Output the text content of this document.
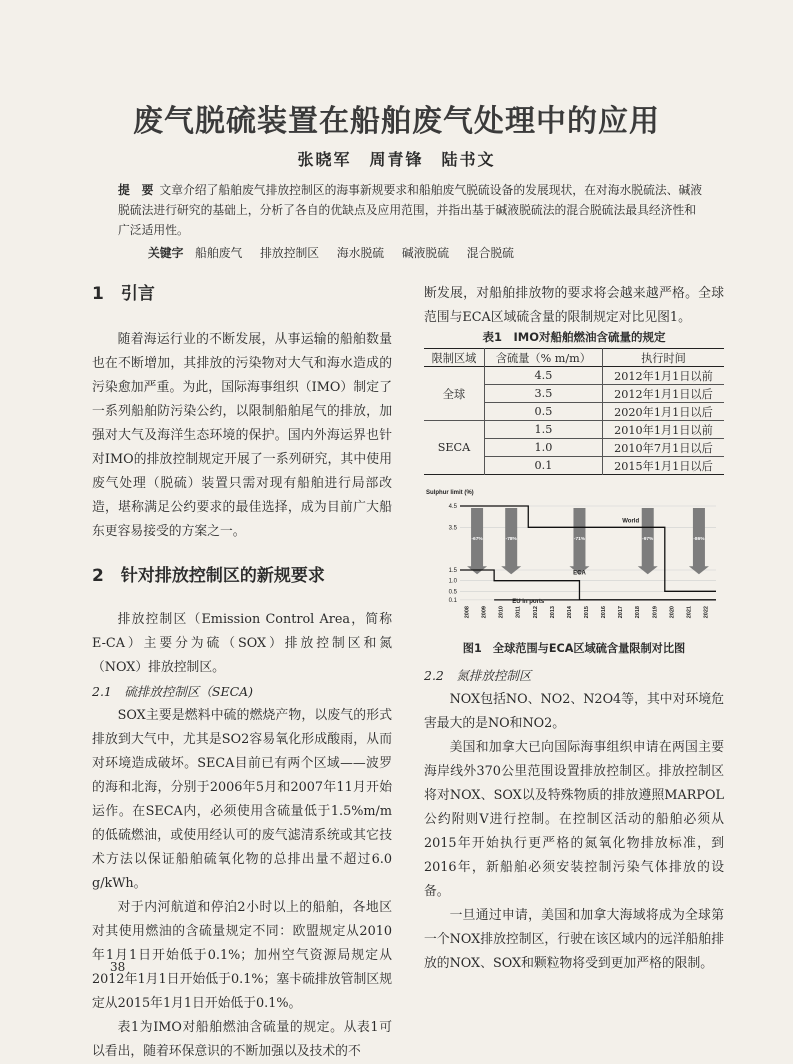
废气脱硫装置在船舶废气处理中的应用
张晓军　周青锋　陆书文
提　要 文章介绍了船舶废气排放控制区的海事新规要求和船舶废气脱硫设备的发展现状，在对海水脱硫法、碱液脱硫法进行研究的基础上，分析了各自的优缺点及应用范围，并指出基于碱液脱硫法的混合脱硫法最具经济性和广泛适用性。
关键字 船舶废气 排放控制区 海水脱硫 碱液脱硫 混合脱硫
1　引言

随着海运行业的不断发展，从事运输的船舶数量也在不断增加，其排放的污染物对大气和海水造成的污染愈加严重。为此，国际海事组织（IMO）制定了一系列船舶防污染公约，以限制船舶尾气的排放，加强对大气及海洋生态环境的保护。国内外海运界也针对IMO的排放控制规定开展了一系列研究，其中使用废气处理（脱硫）装置只需对现有船舶进行局部改造，堪称满足公约要求的最佳选择，成为目前广大船东更容易接受的方案之一。

2　针对排放控制区的新规要求

排放控制区（Emission Control Area，简称E-CA）主要分为硫（SOX）排放控制区和氮（NOX）排放控制区。

2.1　硫排放控制区（SECA)

SOX主要是燃料中硫的燃烧产物，以废气的形式排放到大气中，尤其是SO2容易氧化形成酸雨，从而对环境造成破坏。SECA目前已有两个区域——波罗的海和北海，分别于2006年5月和2007年11月开始运作。在SECA内，必须使用含硫量低于1.5%m/m的低硫燃油，或使用经认可的废气滤清系统或其它技术方法以保证船舶硫氧化物的总排出量不超过6.0 g/kWh。

对于内河航道和停泊2小时以上的船舶，各地区对其使用燃油的含硫量规定不同：欧盟规定从2010年1月1日开始低于0.1%；加州空气资源局规定从2012年1月1日开始低于0.1%；塞卡硫排放管制区规定从2015年1月1日开始低于0.1%。

表1为IMO对船舶燃油含硫量的规定。从表1可以看出，随着环保意识的不断加强以及技术的不

断发展，对船舶排放物的要求将会越来越严格。全球范围与ECA区域硫含量的限制规定对比见图1。

表1　IMO对船舶燃油含硫量的规定
限制区域	含硫量（% m/m）	执行时间
全球	4.5	2012年1月1日以前
	3.5	2012年1月1日以后
	0.5	2020年1月1日以后
SECA	1.5	2010年1月1日以前
	1.0	2010年7月1日以后
	0.1	2015年1月1日以后
Sulphur limit (%)
0.1
0.5
1.0
1.5
3.5
4.5
2008 2009 2010 2011 2012 2013 2014 2015 2016 2017 2018 2019 2020 2021 2022
-67%	-78%	-71%	-97%	-86%
World
ECA
EU in ports
图1　全球范围与ECA区域硫含量限制对比图
2.2　氮排放控制区

NOX包括NO、NO2、N2O4等，其中对环境危害最大的是NO和NO2。

美国和加拿大已向国际海事组织申请在两国主要海岸线外370公里范围设置排放控制区。排放控制区将对NOX、SOX以及特殊物质的排放遵照MARPOL公约附则V进行控制。在控制区活动的船舶必须从2015年开始执行更严格的氮氧化物排放标准，到2016年，新船舶必须安装控制污染气体排放的设备。

一旦通过申请，美国和加拿大海域将成为全球第一个NOX排放控制区，行驶在该区域内的远洋船舶排放的NOX、SOX和颗粒物将受到更加严格的限制。

38
